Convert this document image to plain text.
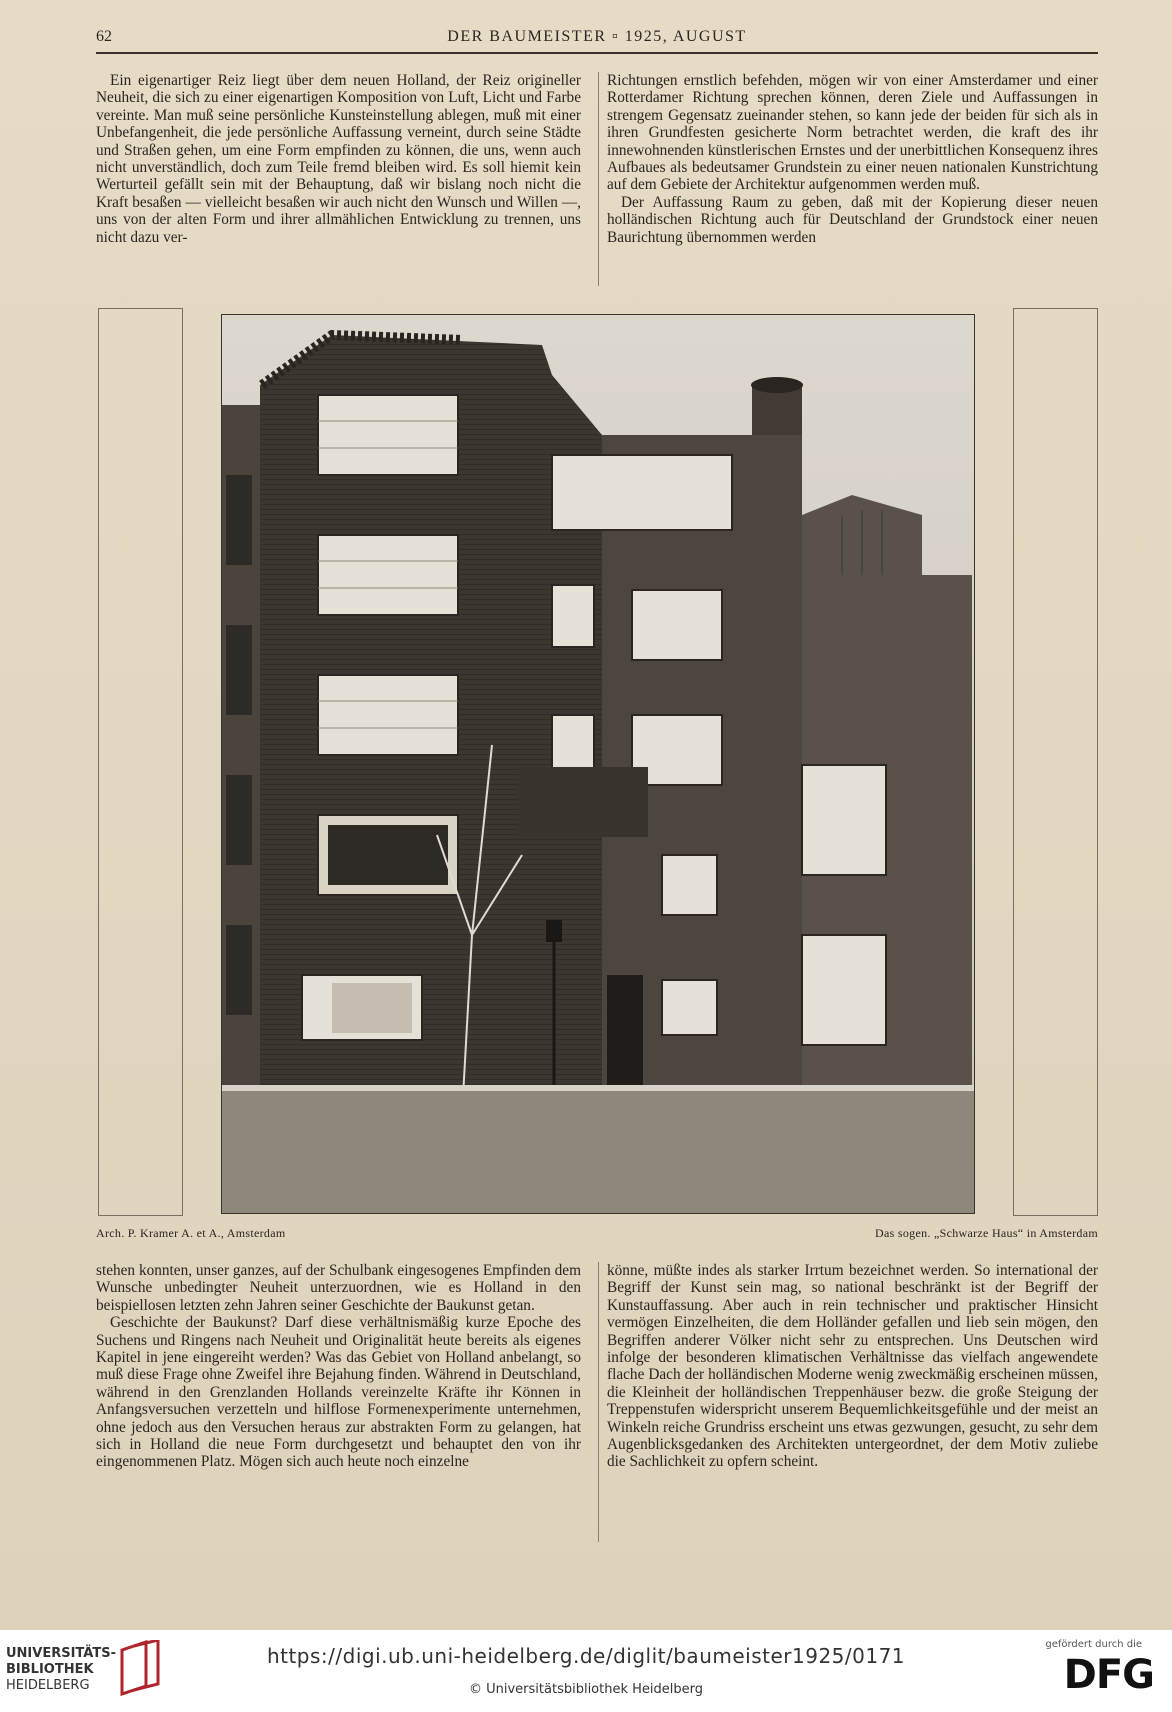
62	DER BAUMEISTER ▫ 1925, AUGUST

Ein eigenartiger Reiz liegt über dem neuen Holland, der Reiz origineller Neuheit, die sich zu einer eigenartigen Komposition von Luft, Licht und Farbe vereinte. Man muß seine persönliche Kunsteinstellung ablegen, muß mit einer Unbefangenheit, die jede persönliche Auffassung verneint, durch seine Städte und Straßen gehen, um eine Form empfinden zu können, die uns, wenn auch nicht unverständlich, doch zum Teile fremd bleiben wird. Es soll hiemit kein Werturteil gefällt sein mit der Behauptung, daß wir bislang noch nicht die Kraft besaßen — vielleicht besaßen wir auch nicht den Wunsch und Willen —, uns von der alten Form und ihrer allmählichen Entwicklung zu trennen, uns nicht dazu ver-

Richtungen ernstlich befehden, mögen wir von einer Amsterdamer und einer Rotterdamer Richtung sprechen können, deren Ziele und Auffassungen in strengem Gegensatz zueinander stehen, so kann jede der beiden für sich als in ihren Grundfesten gesicherte Norm betrachtet werden, die kraft des ihr innewohnenden künstlerischen Ernstes und der unerbittlichen Konsequenz ihres Aufbaues als bedeutsamer Grundstein zu einer neuen nationalen Kunstrichtung auf dem Gebiete der Architektur aufgenommen werden muß.

Der Auffassung Raum zu geben, daß mit der Kopierung dieser neuen holländischen Richtung auch für Deutschland der Grundstock einer neuen Baurichtung übernommen werden

Arch. P. Kramer A. et A., Amsterdam	Das sogen. „Schwarze Haus“ in Amsterdam

stehen konnten, unser ganzes, auf der Schulbank eingesogenes Empfinden dem Wunsche unbedingter Neuheit unterzuordnen, wie es Holland in den beispiellosen letzten zehn Jahren seiner Geschichte der Baukunst getan.

Geschichte der Baukunst? Darf diese verhältnismäßig kurze Epoche des Suchens und Ringens nach Neuheit und Originalität heute bereits als eigenes Kapitel in jene eingereiht werden? Was das Gebiet von Holland anbelangt, so muß diese Frage ohne Zweifel ihre Bejahung finden. Während in Deutschland, während in den Grenzlanden Hollands vereinzelte Kräfte ihr Können in Anfangsversuchen verzetteln und hilflose Formenexperimente unternehmen, ohne jedoch aus den Versuchen heraus zur abstrakten Form zu gelangen, hat sich in Holland die neue Form durchgesetzt und behauptet den von ihr eingenommenen Platz. Mögen sich auch heute noch einzelne

könne, müßte indes als starker Irrtum bezeichnet werden. So international der Begriff der Kunst sein mag, so national beschränkt ist der Begriff der Kunstauffassung. Aber auch in rein technischer und praktischer Hinsicht vermögen Einzelheiten, die dem Holländer gefallen und lieb sein mögen, den Begriffen anderer Völker nicht sehr zu entsprechen. Uns Deutschen wird infolge der besonderen klimatischen Verhältnisse das vielfach angewendete flache Dach der holländischen Moderne wenig zweckmäßig erscheinen müssen, die Kleinheit der holländischen Treppenhäuser bezw. die große Steigung der Treppenstufen widerspricht unserem Bequemlichkeitsgefühle und der meist an Winkeln reiche Grundriss erscheint uns etwas gezwungen, gesucht, zu sehr dem Augenblicksgedanken des Architekten untergeordnet, der dem Motiv zuliebe die Sachlichkeit zu opfern scheint.

UNIVERSITÄTS-
BIBLIOTHEK
HEIDELBERG
https://digi.ub.uni-heidelberg.de/diglit/baumeister1925/0171
© Universitätsbibliothek Heidelberg
gefördert durch die
DFG
